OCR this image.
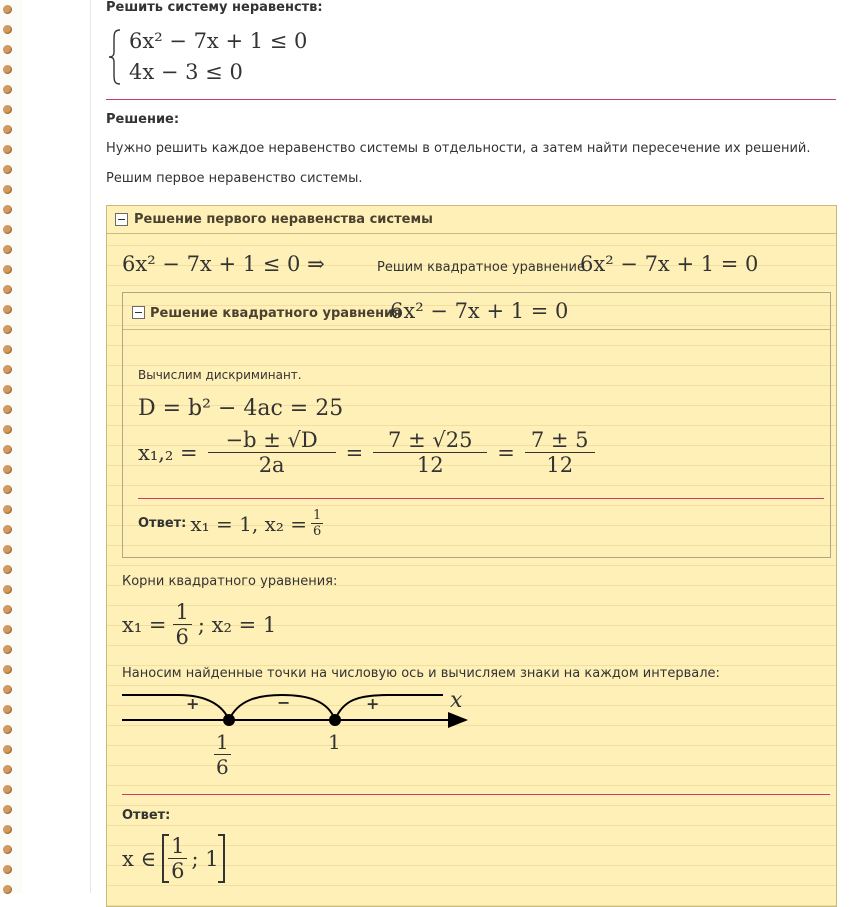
Решить систему неравенств:
6x² − 7x + 1 ≤ 0
4x − 3 ≤ 0
Решение:
Нужно решить каждое неравенство системы в отдельности, а затем найти пересечение их решений.
Решим первое неравенство системы.
Решение первого неравенства системы
6x² − 7x + 1 ≤ 0 ⇒	Решим квадратное уравнение
6x² − 7x + 1 = 0
Решение квадратного уравнения
6x² − 7x + 1 = 0
Вычислим дискриминант.
D = b² − 4ac = 25
$x_1,_2 = \frac{-b \pm √D}{2a} = \frac{7 \pm √25}{12} = \frac{7 \pm 5}{12}$
Ответ: x₁ = 1, $x_2 = \frac{1}{6}$
Корни квадратного уравнения:
$x_1 = \frac{1}{6}$ ; x₂ = 1
Наносим найденные точки на числовую ось и вычисляем знаки на каждом интервале:
+	−	+	x
$\frac{1}{6}$	1
Ответ:
x ∈ $\frac{1}{6}$ ; 1
